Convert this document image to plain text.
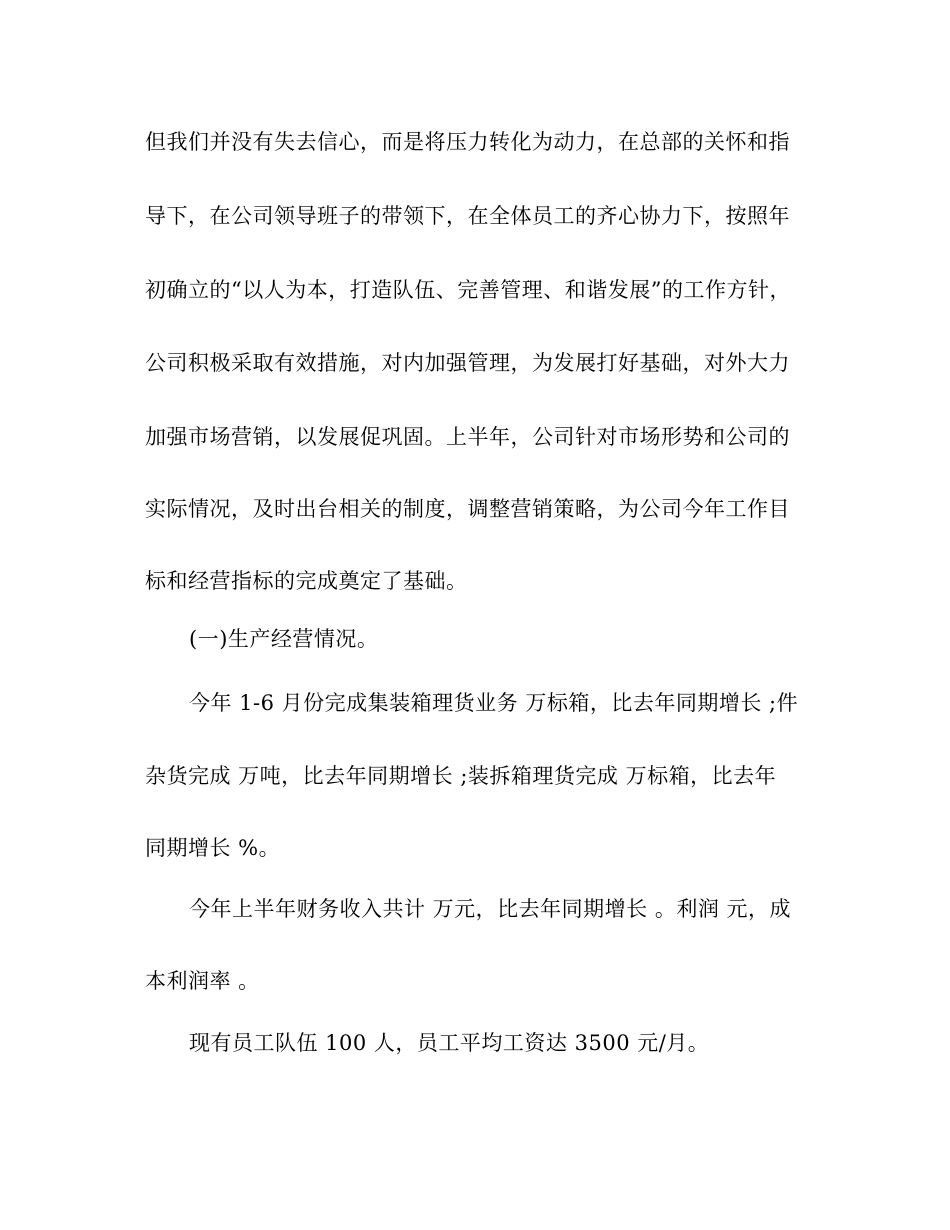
但我们并没有失去信心，而是将压力转化为动力，在总部的关怀和指
导下，在公司领导班子的带领下，在全体员工的齐心协力下，按照年
初确立的“以人为本，打造队伍、完善管理、和谐发展”的工作方针，
公司积极采取有效措施，对内加强管理，为发展打好基础，对外大力
加强市场营销，以发展促巩固。上半年，公司针对市场形势和公司的
实际情况，及时出台相关的制度，调整营销策略，为公司今年工作目
标和经营指标的完成奠定了基础。
(一)生产经营情况。
今年 1-6 月份完成集装箱理货业务 万标箱，比去年同期增长 ;件
杂货完成 万吨，比去年同期增长 ;装拆箱理货完成 万标箱，比去年
同期增长 %。
今年上半年财务收入共计 万元，比去年同期增长 。利润 元，成
本利润率 。
现有员工队伍 100 人，员工平均工资达 3500 元/月。
